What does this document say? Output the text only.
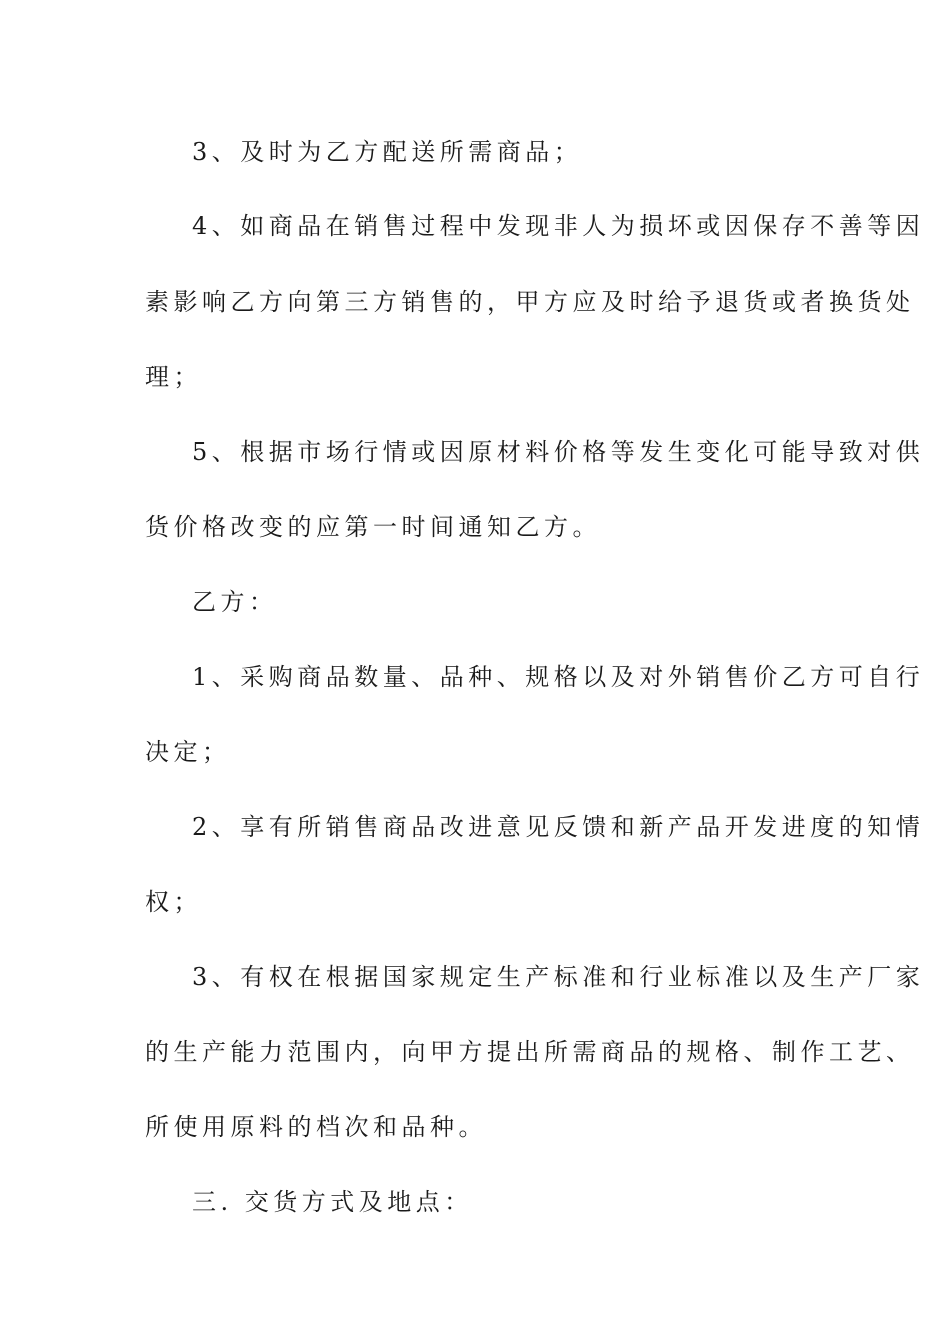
3、及时为乙方配送所需商品；
4、如商品在销售过程中发现非人为损坏或因保存不善等因
素影响乙方向第三方销售的，甲方应及时给予退货或者换货处
理；
5、根据市场行情或因原材料价格等发生变化可能导致对供
货价格改变的应第一时间通知乙方。
乙方：
1、采购商品数量、品种、规格以及对外销售价乙方可自行
决定；
2、享有所销售商品改进意见反馈和新产品开发进度的知情
权；
3、有权在根据国家规定生产标准和行业标准以及生产厂家
的生产能力范围内，向甲方提出所需商品的规格、制作工艺、
所使用原料的档次和品种。
三. 交货方式及地点：
